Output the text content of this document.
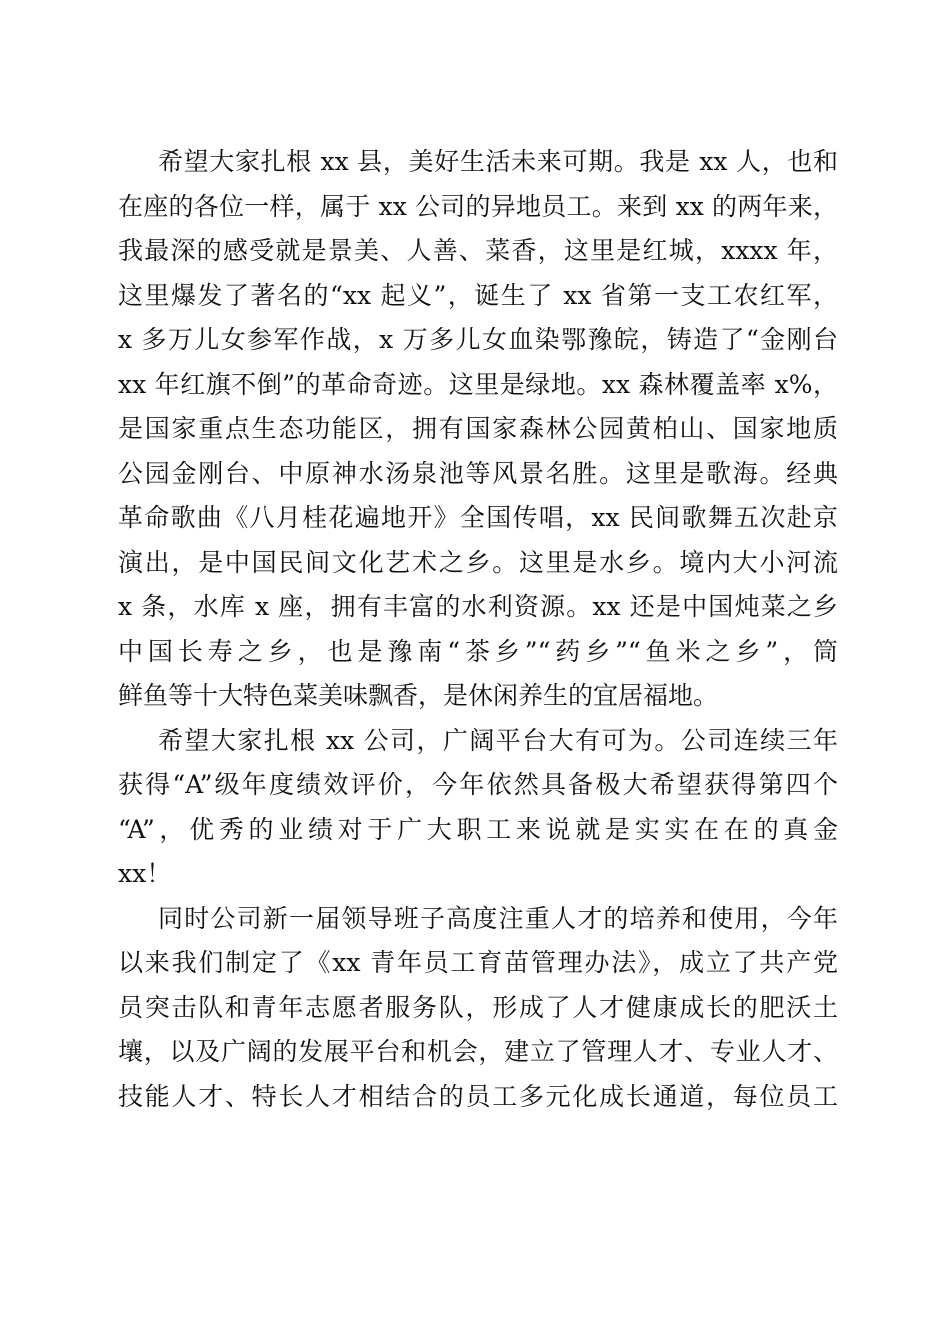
希望大家扎根 xx 县，美好生活未来可期。我是 xx 人，也和
在座的各位一样，属于 xx 公司的异地员工。来到 xx 的两年来，
我最深的感受就是景美、人善、菜香，这里是红城，xxxx 年，
这里爆发了著名的“xx 起义”，诞生了 xx 省第一支工农红军，
x 多万儿女参军作战，x 万多儿女血染鄂豫皖，铸造了“金刚台
xx 年红旗不倒”的革命奇迹。这里是绿地。xx 森林覆盖率 x%，
是国家重点生态功能区，拥有国家森林公园黄柏山、国家地质
公园金刚台、中原神水汤泉池等风景名胜。这里是歌海。经典
革命歌曲《八月桂花遍地开》全国传唱，xx 民间歌舞五次赴京
演出，是中国民间文化艺术之乡。这里是水乡。境内大小河流
x 条，水库 x 座，拥有丰富的水利资源。xx 还是中国炖菜之乡
中国长寿之乡，也是豫南“茶乡”“药乡”“鱼米之乡”，筒
鲜鱼等十大特色菜美味飘香，是休闲养生的宜居福地。
希望大家扎根 xx 公司，广阔平台大有可为。公司连续三年
获得“A”级年度绩效评价，今年依然具备极大希望获得第四个
“A”，优秀的业绩对于广大职工来说就是实实在在的真金
xx！
同时公司新一届领导班子高度注重人才的培养和使用，今年
以来我们制定了《xx 青年员工育苗管理办法》，成立了共产党
员突击队和青年志愿者服务队，形成了人才健康成长的肥沃土
壤，以及广阔的发展平台和机会，建立了管理人才、专业人才、
技能人才、特长人才相结合的员工多元化成长通道，每位员工
